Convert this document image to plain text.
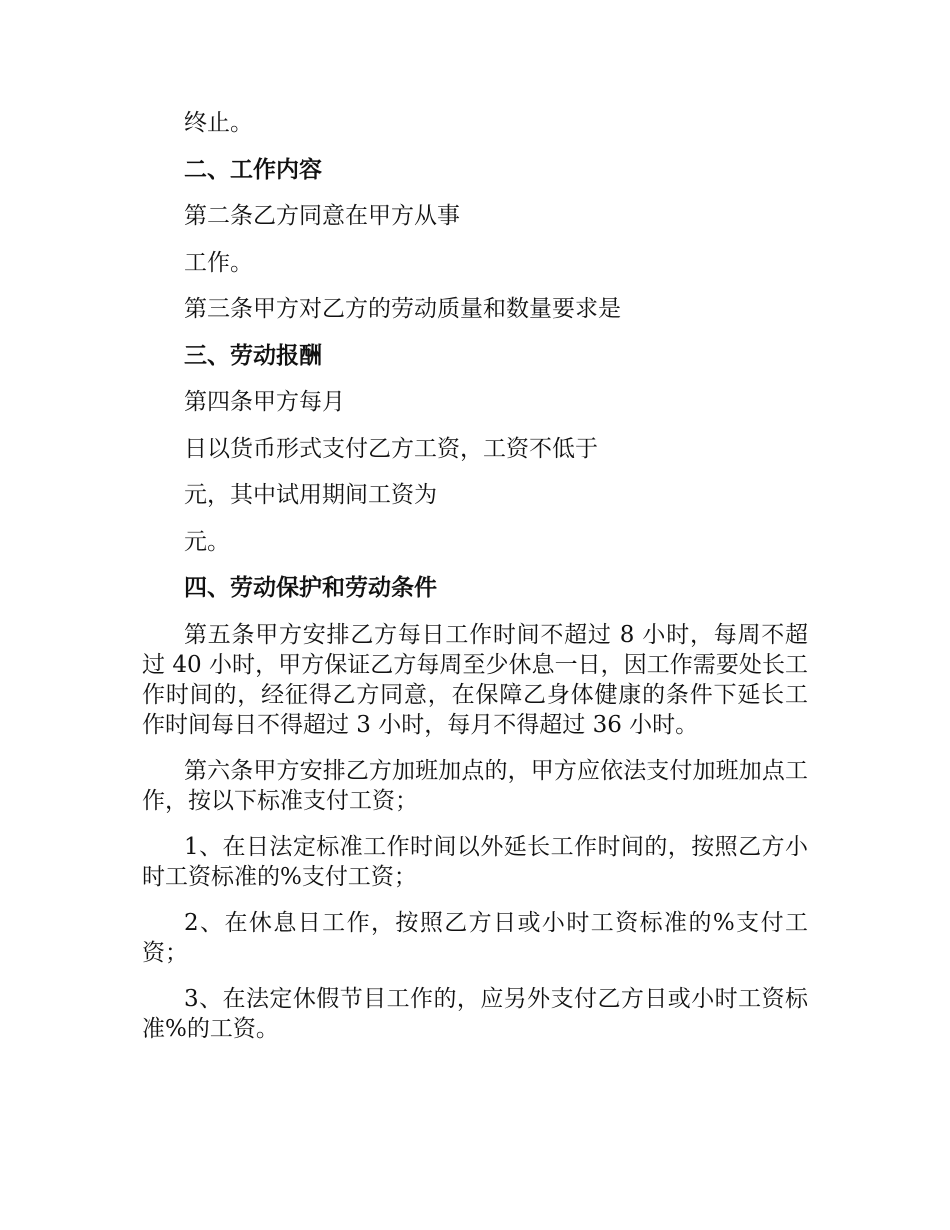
终止。

二、工作内容

第二条乙方同意在甲方从事

工作。

第三条甲方对乙方的劳动质量和数量要求是

三、劳动报酬

第四条甲方每月

日以货币形式支付乙方工资，工资不低于

元，其中试用期间工资为

元。

四、劳动保护和劳动条件

第五条甲方安排乙方每日工作时间不超过 8 小时，每周不超过 40 小时，甲方保证乙方每周至少休息一日，因工作需要处长工作时间的，经征得乙方同意，在保障乙身体健康的条件下延长工作时间每日不得超过 3 小时，每月不得超过 36 小时。

第六条甲方安排乙方加班加点的，甲方应依法支付加班加点工作，按以下标准支付工资；

1、在日法定标准工作时间以外延长工作时间的，按照乙方小时工资标准的%支付工资；

2、在休息日工作，按照乙方日或小时工资标准的%支付工资；

3、在法定休假节目工作的，应另外支付乙方日或小时工资标准%的工资。
